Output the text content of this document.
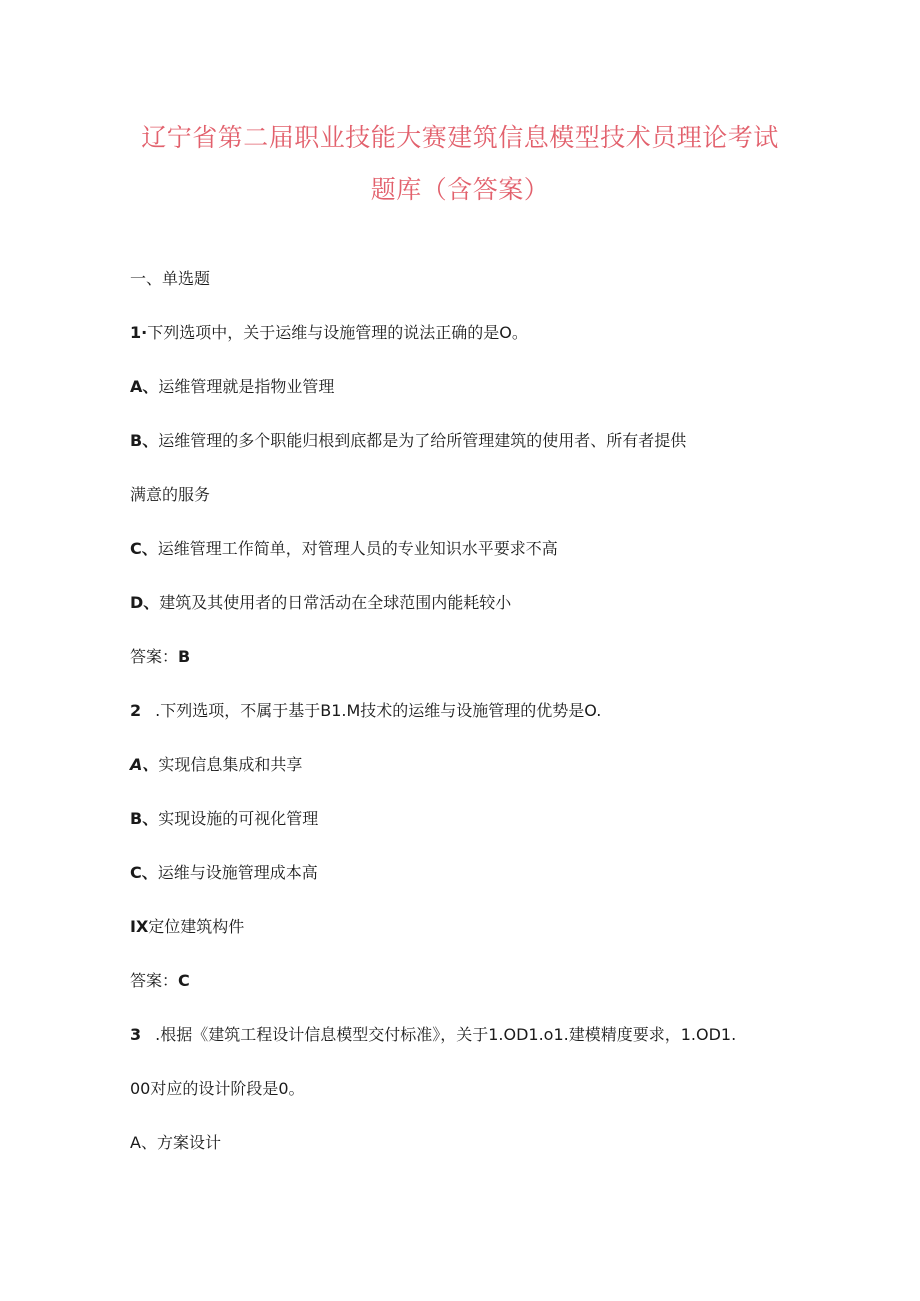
辽宁省第二届职业技能大赛建筑信息模型技术员理论考试
题库（含答案）
一、单选题
1·下列选项中，关于运维与设施管理的说法正确的是O。
A、运维管理就是指物业管理
B、运维管理的多个职能归根到底都是为了给所管理建筑的使用者、所有者提供
满意的服务
C、运维管理工作简单，对管理人员的专业知识水平要求不高
D、建筑及其使用者的日常活动在全球范围内能耗较小
答案：B
2 .下列选项，不属于基于B1.M技术的运维与设施管理的优势是O.
A、实现信息集成和共享
B、实现设施的可视化管理
C、运维与设施管理成本高
IX定位建筑构件
答案：C
3 .根据《建筑工程设计信息模型交付标准》，关于1.OD1.o1.建模精度要求，1.OD1.
00对应的设计阶段是0。
A、方案设计
